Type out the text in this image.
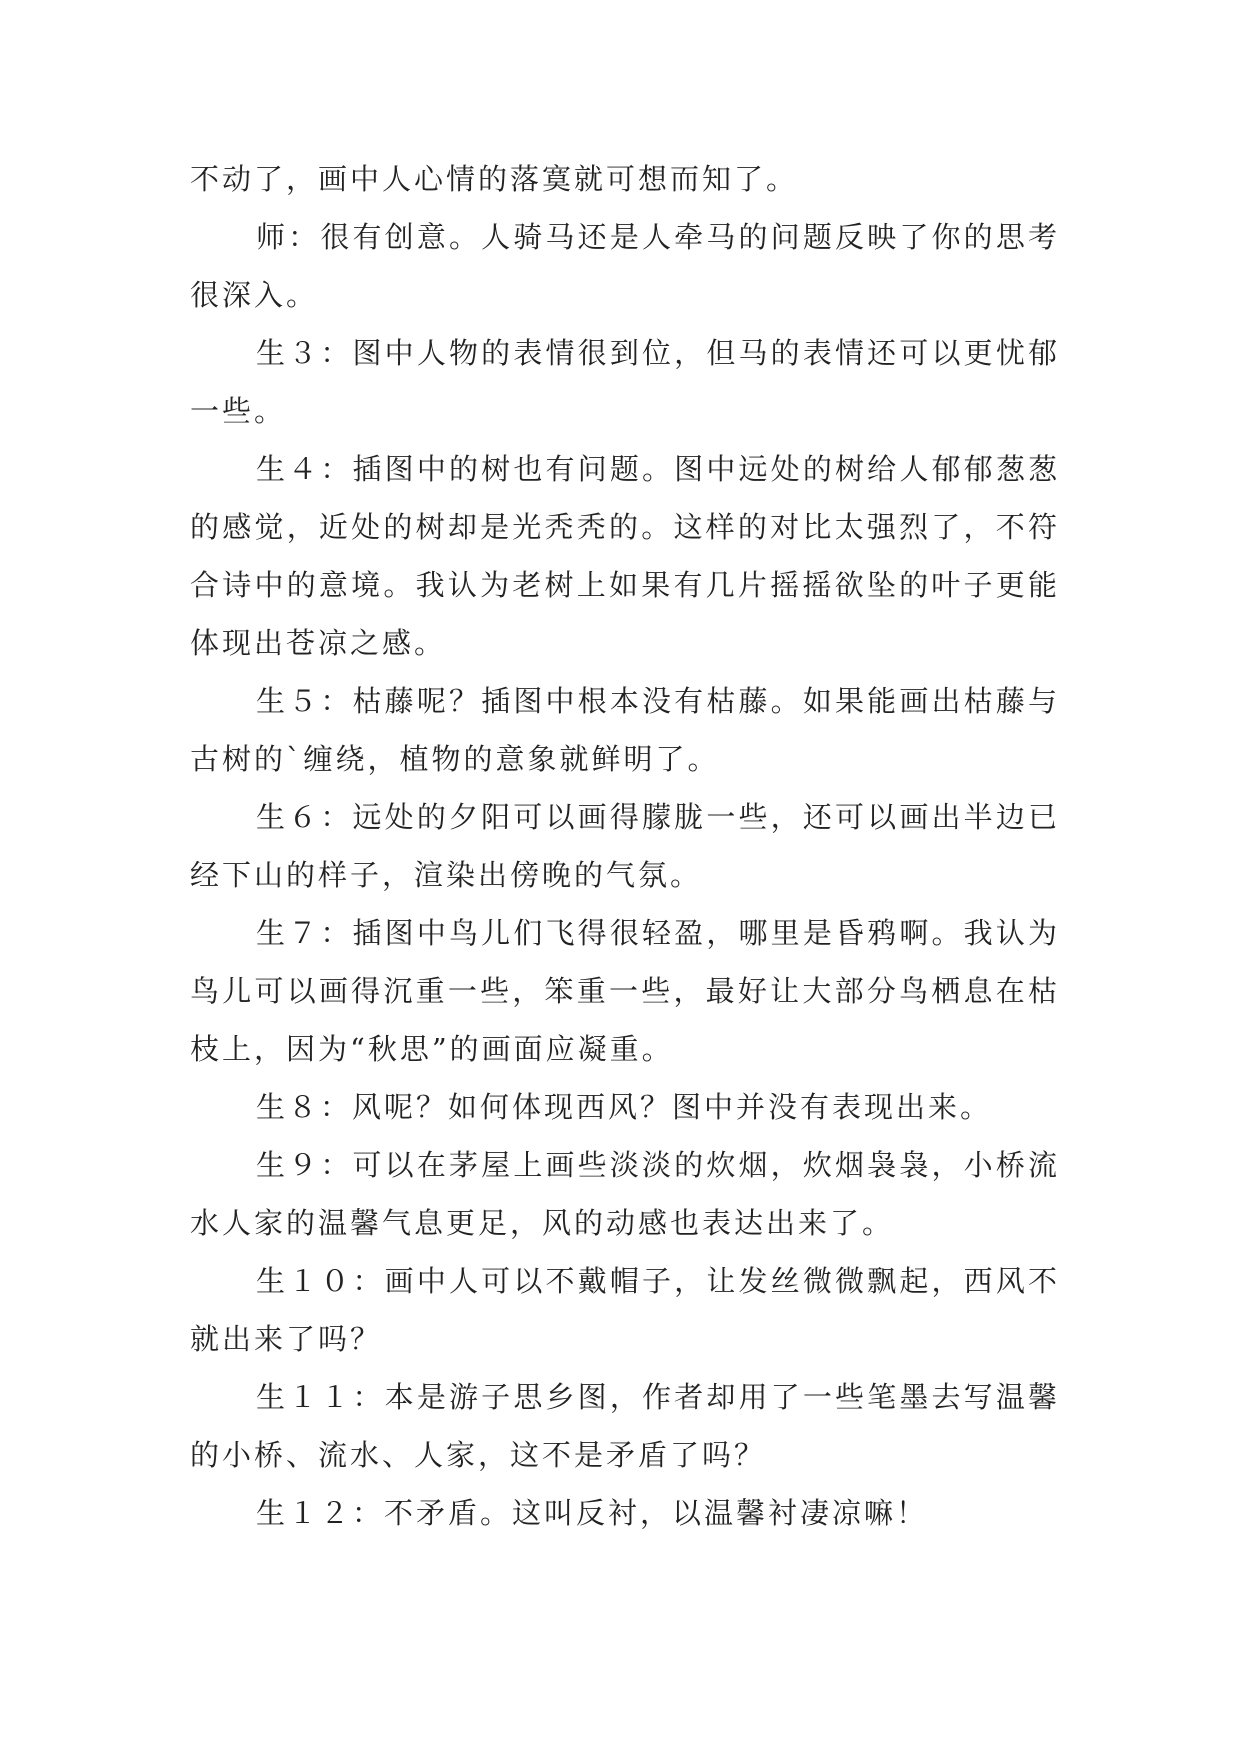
不动了，画中人心情的落寞就可想而知了。

师：很有创意。人骑马还是人牵马的问题反映了你的思考很深入。

生３：图中人物的表情很到位，但马的表情还可以更忧郁一些。

生４：插图中的树也有问题。图中远处的树给人郁郁葱葱的感觉，近处的树却是光秃秃的。这样的对比太强烈了，不符合诗中的意境。我认为老树上如果有几片摇摇欲坠的叶子更能体现出苍凉之感。

生５：枯藤呢？插图中根本没有枯藤。如果能画出枯藤与古树的`缠绕，植物的意象就鲜明了。

生６：远处的夕阳可以画得朦胧一些，还可以画出半边已经下山的样子，渲染出傍晚的气氛。

生７：插图中鸟儿们飞得很轻盈，哪里是昏鸦啊。我认为鸟儿可以画得沉重一些，笨重一些，最好让大部分鸟栖息在枯枝上，因为“秋思”的画面应凝重。

生８：风呢？如何体现西风？图中并没有表现出来。

生９：可以在茅屋上画些淡淡的炊烟，炊烟袅袅，小桥流水人家的温馨气息更足，风的动感也表达出来了。

生１０：画中人可以不戴帽子，让发丝微微飘起，西风不就出来了吗？

生１１：本是游子思乡图，作者却用了一些笔墨去写温馨的小桥、流水、人家，这不是矛盾了吗？

生１２：不矛盾。这叫反衬，以温馨衬凄凉嘛！
